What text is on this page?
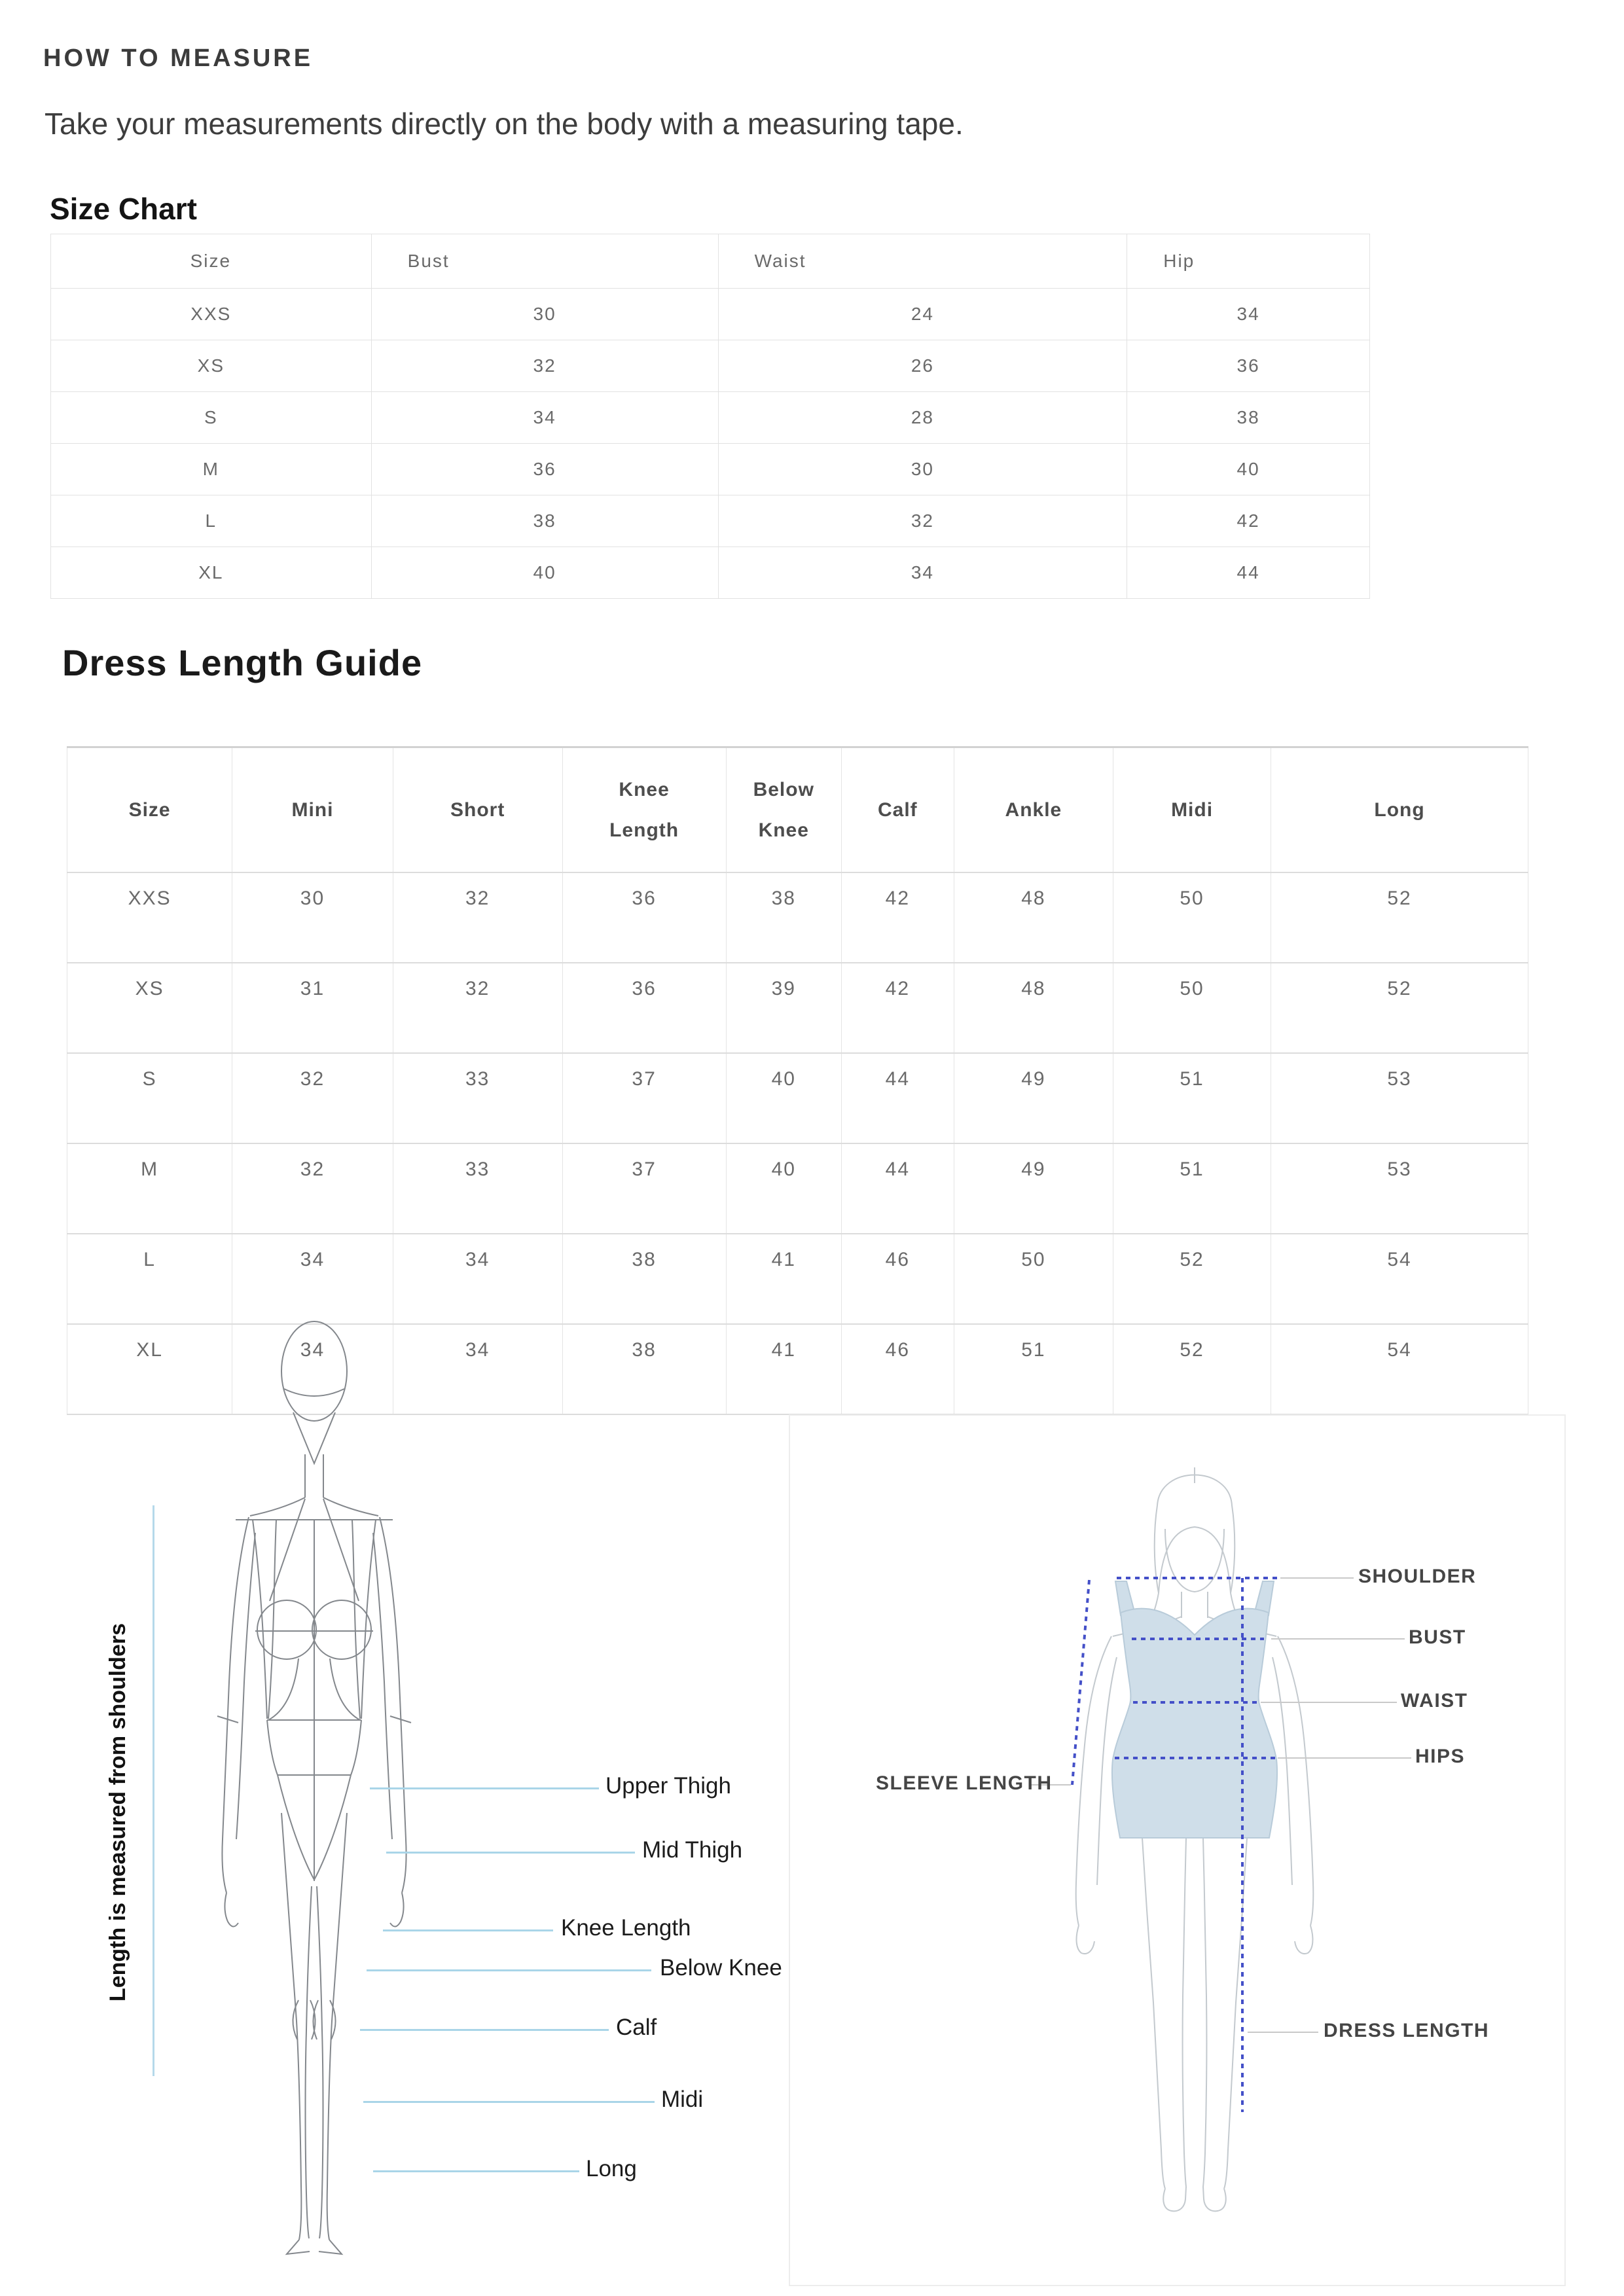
HOW TO MEASURE
Take your measurements directly on the body with a measuring tape.
Size Chart
Size	Bust	Waist	Hip
XXS	30	24	34
XS	32	26	36
S	34	28	38
M	36	30	40
L	38	32	42
XL	40	34	44
Dress Length Guide
Size	Mini	Short	Knee Length	Below Knee	Calf	Ankle	Midi	Long
XXS	30	32	36	38	42	48	50	52
XS	31	32	36	39	42	48	50	52
S	32	33	37	40	44	49	51	53
M	32	33	37	40	44	49	51	53
L	34	34	38	41	46	50	52	54
XL	34	34	38	41	46	51	52	54
Length is measured from shoulders	Upper Thigh
Mid Thigh
Knee Length
Below Knee
Calf
Midi
Long
SHOULDER
BUST
WAIST
HIPS
SLEEVE LENGTH
DRESS LENGTH
